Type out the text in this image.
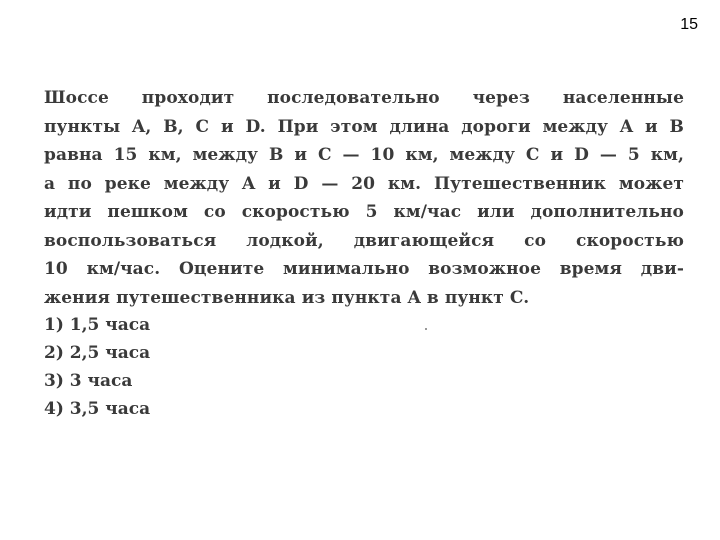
15
Шоссе проходит последовательно через населенные
пункты A, B, C и D. При этом длина дороги между A и B
равна 15 км, между B и C — 10 км, между C и D — 5 км,
а по реке между A и D — 20 км. Путешественник может
идти пешком со скоростью 5 км/час или дополнительно
воспользоваться лодкой, двигающейся со скоростью
10 км/час. Оцените минимально возможное время дви-
жения путешественника из пункта A в пункт C.
1) 1,5 часа
2) 2,5 часа
3) 3 часа
4) 3,5 часа
